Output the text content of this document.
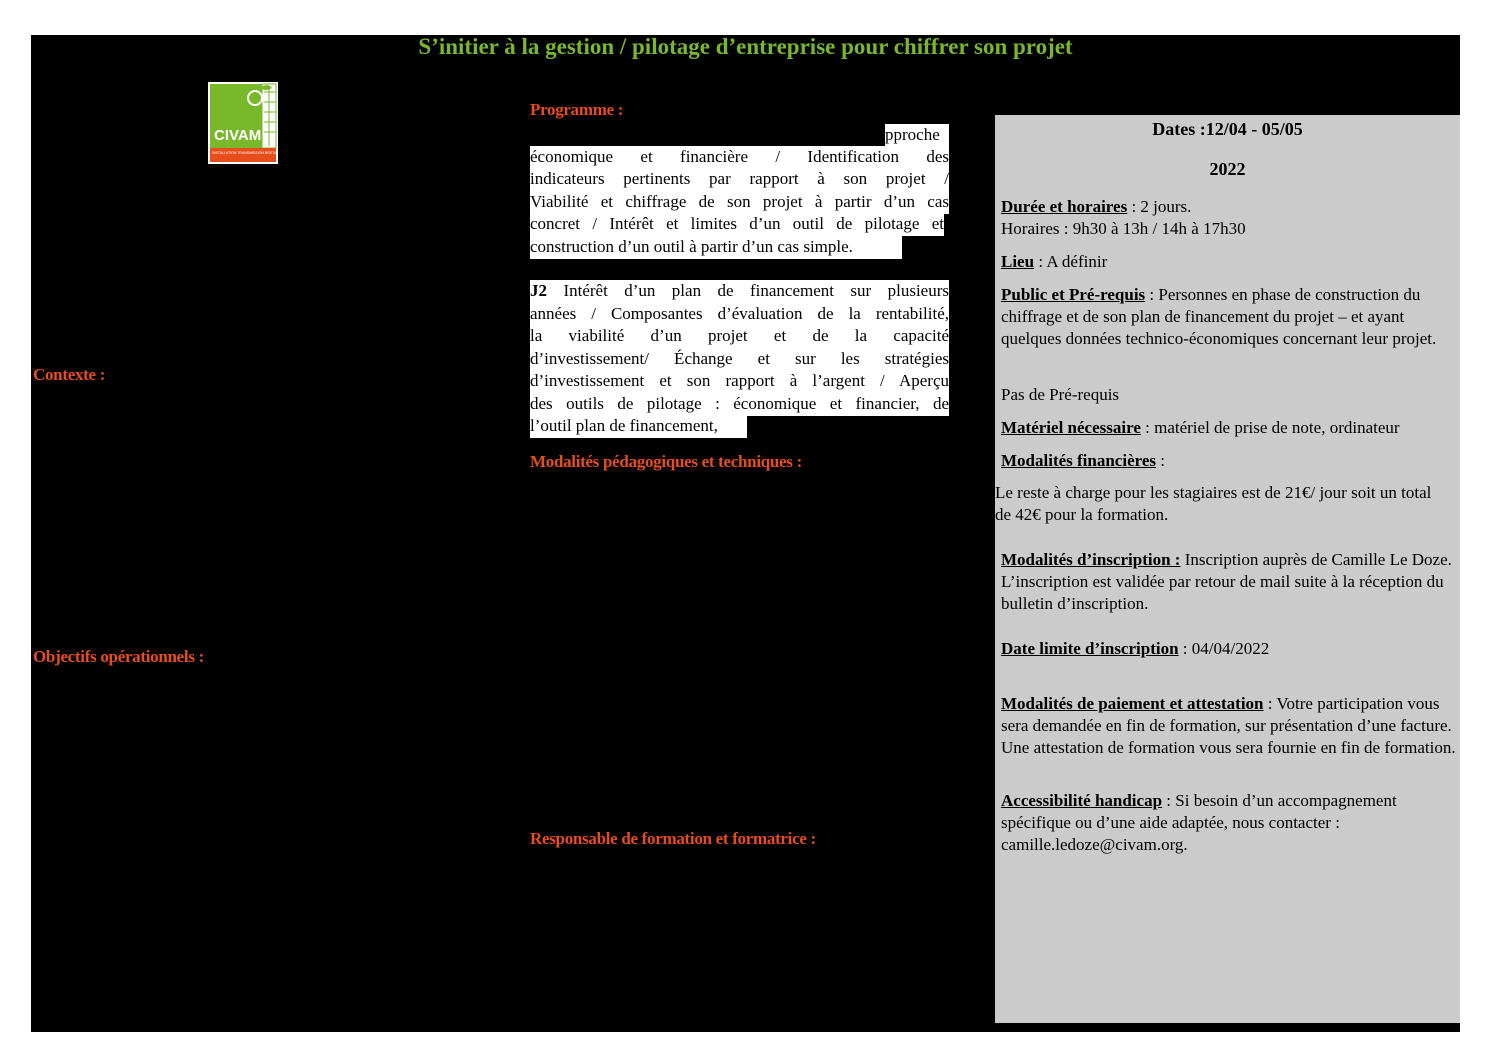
S’initier à la gestion / pilotage d’entreprise pour chiffrer son projet
CIVAM
INSTALLATION TRANSMISSION BRETAGNE
Programme :
Contexte :
Modalités pédagogiques et techniques :
Objectifs opérationnels :
Responsable de formation et formatrice :
pproche
économique et financière / Identification des
indicateurs pertinents par rapport à son projet /
Viabilité et chiffrage de son projet à partir d’un cas
concret / Intérêt et limites d’un outil de pilotage et
construction d’un outil à partir d’un cas simple.
J2 Intérêt d’un plan de financement sur plusieurs
années / Composantes d’évaluation de la rentabilité,
la viabilité d’un projet et de la capacité
d’investissement/ Échange et sur les stratégies
d’investissement et son rapport à l’argent / Aperçu
des outils de pilotage : économique et financier, de
l’outil plan de financement,
Dates :12/04 - 05/05
2022

Durée et horaires : 2 jours.
Horaires : 9h30 à 13h / 14h à 17h30

Lieu : A définir

Public et Pré-requis : Personnes en phase de construction du chiffrage et de son plan de financement du projet – et ayant quelques données technico-économiques concernant leur projet.

Pas de Pré-requis

Matériel nécessaire : matériel de prise de note, ordinateur

Modalités financières :

Le reste à charge pour les stagiaires est de 21€/ jour soit un total de 42€ pour la formation.

Modalités d’inscription : Inscription auprès de Camille Le Doze. L’inscription est validée par retour de mail suite à la réception du bulletin d’inscription.

Date limite d’inscription : 04/04/2022

Modalités de paiement et attestation : Votre participation vous sera demandée en fin de formation, sur présentation d’une facture. Une attestation de formation vous sera fournie en fin de formation.

Accessibilité handicap : Si besoin d’un accompagnement spécifique ou d’une aide adaptée, nous contacter : camille.ledoze@civam.org.
